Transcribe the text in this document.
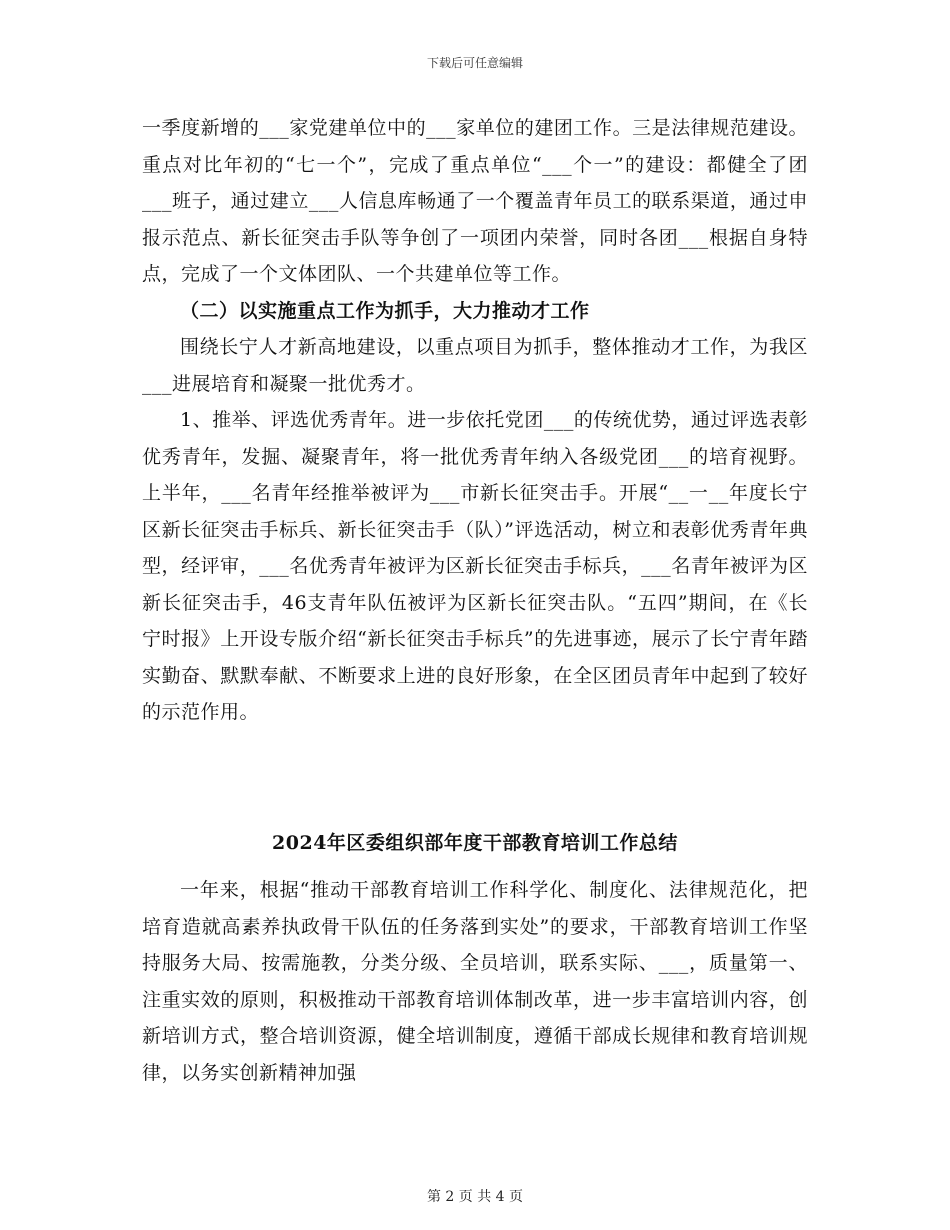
下载后可任意编辑

一季度新增的___家党建单位中的___家单位的建团工作。三是法律规范建设。重点对比年初的“七一个”，完成了重点单位“___个一”的建设：都健全了团___班子，通过建立___人信息库畅通了一个覆盖青年员工的联系渠道，通过申报示范点、新长征突击手队等争创了一项团内荣誉，同时各团___根据自身特点，完成了一个文体团队、一个共建单位等工作。

（二）以实施重点工作为抓手，大力推动才工作

围绕长宁人才新高地建设，以重点项目为抓手，整体推动才工作，为我区___进展培育和凝聚一批优秀才。

1、推举、评选优秀青年。进一步依托党团___的传统优势，通过评选表彰优秀青年，发掘、凝聚青年，将一批优秀青年纳入各级党团___的培育视野。上半年，___名青年经推举被评为___市新长征突击手。开展“__一__年度长宁区新长征突击手标兵、新长征突击手（队）”评选活动，树立和表彰优秀青年典型，经评审，___名优秀青年被评为区新长征突击手标兵，___名青年被评为区新长征突击手，46支青年队伍被评为区新长征突击队。“五四”期间，在《长宁时报》上开设专版介绍“新长征突击手标兵”的先进事迹，展示了长宁青年踏实勤奋、默默奉献、不断要求上进的良好形象，在全区团员青年中起到了较好的示范作用。

2024年区委组织部年度干部教育培训工作总结

一年来，根据“推动干部教育培训工作科学化、制度化、法律规范化，把培育造就高素养执政骨干队伍的任务落到实处”的要求，干部教育培训工作坚持服务大局、按需施教，分类分级、全员培训，联系实际、___，质量第一、注重实效的原则，积极推动干部教育培训体制改革，进一步丰富培训内容，创新培训方式，整合培训资源，健全培训制度，遵循干部成长规律和教育培训规律，以务实创新精神加强

第 2 页 共 4 页
